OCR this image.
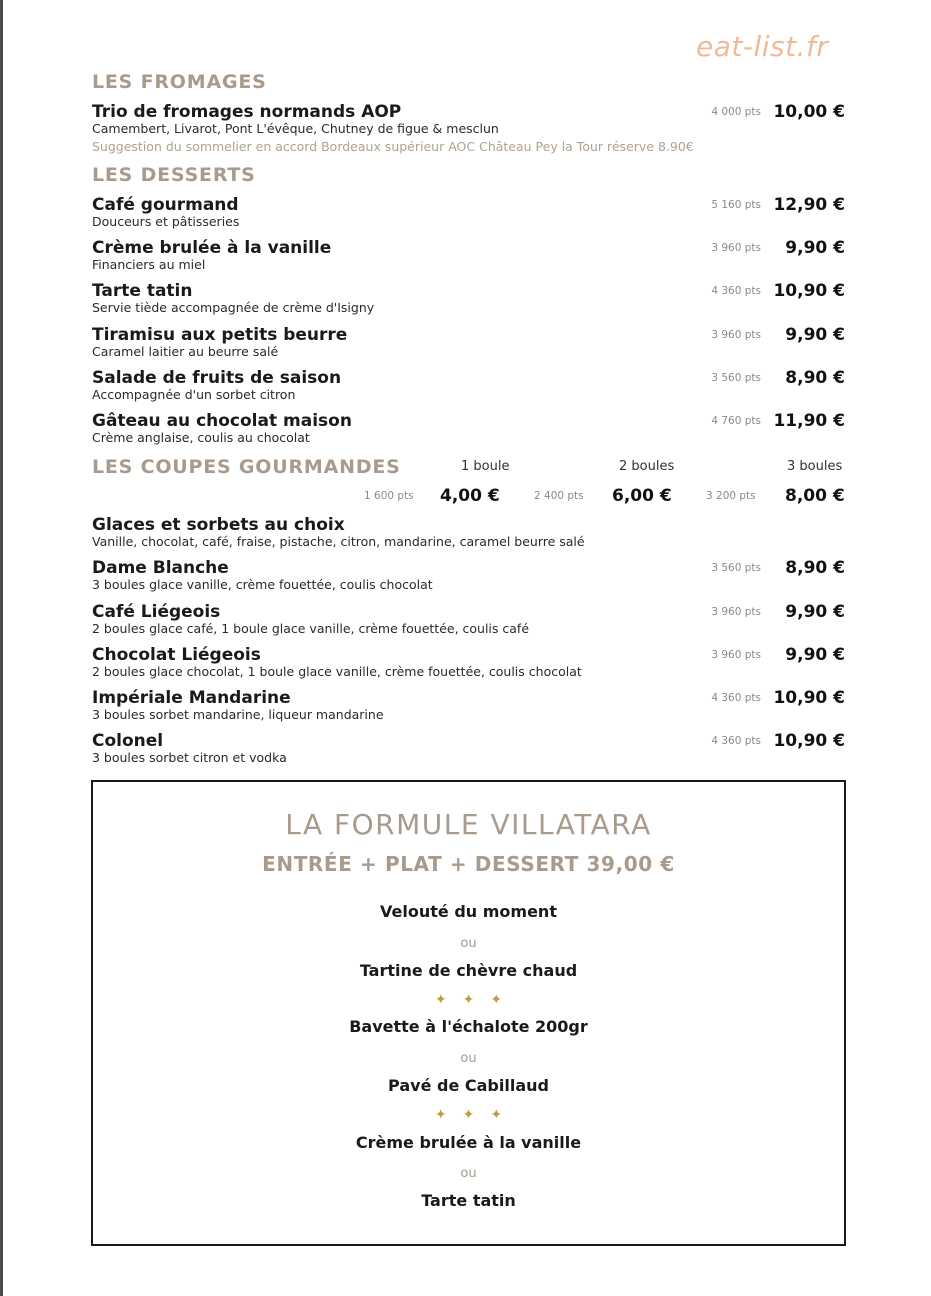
eat-list.fr
LES FROMAGES
Trio de fromages normands AOP
Camembert, Livarot, Pont L'évêque, Chutney de figue & mesclun
4 000 pts 10,00 €
Suggestion du sommelier en accord Bordeaux supérieur AOC Château Pey la Tour réserve 8.90€
LES DESSERTS
Café gourmand
Douceurs et pâtisseries
5 160 pts 12,90 €
Crème brulée à la vanille
Financiers au miel
3 960 pts 9,90 €
Tarte tatin
Servie tiède accompagnée de crème d'Isigny
4 360 pts 10,90 €
Tiramisu aux petits beurre
Caramel laitier au beurre salé
3 960 pts 9,90 €
Salade de fruits de saison
Accompagnée d'un sorbet citron
3 560 pts 8,90 €
Gâteau au chocolat maison
Crème anglaise, coulis au chocolat
4 760 pts 11,90 €
LES COUPES GOURMANDES	1 boule	2 boules	3 boules
1 600 pts 4,00 €	2 400 pts 6,00 €	3 200 pts 8,00 €
Glaces et sorbets au choix
Vanille, chocolat, café, fraise, pistache, citron, mandarine, caramel beurre salé
Dame Blanche
3 boules glace vanille, crème fouettée, coulis chocolat
3 560 pts 8,90 €
Café Liégeois
2 boules glace café, 1 boule glace vanille, crème fouettée, coulis café
3 960 pts 9,90 €
Chocolat Liégeois
2 boules glace chocolat, 1 boule glace vanille, crème fouettée, coulis chocolat
3 960 pts 9,90 €
Impériale Mandarine
3 boules sorbet mandarine, liqueur mandarine
4 360 pts 10,90 €
Colonel
3 boules sorbet citron et vodka
4 360 pts 10,90 €
LA FORMULE VILLATARA
ENTRÉE + PLAT + DESSERT 39,00 €
Velouté du moment
ou
Tartine de chèvre chaud
✦✦✦
Bavette à l'échalote 200gr
ou
Pavé de Cabillaud
✦✦✦
Crème brulée à la vanille
ou
Tarte tatin
